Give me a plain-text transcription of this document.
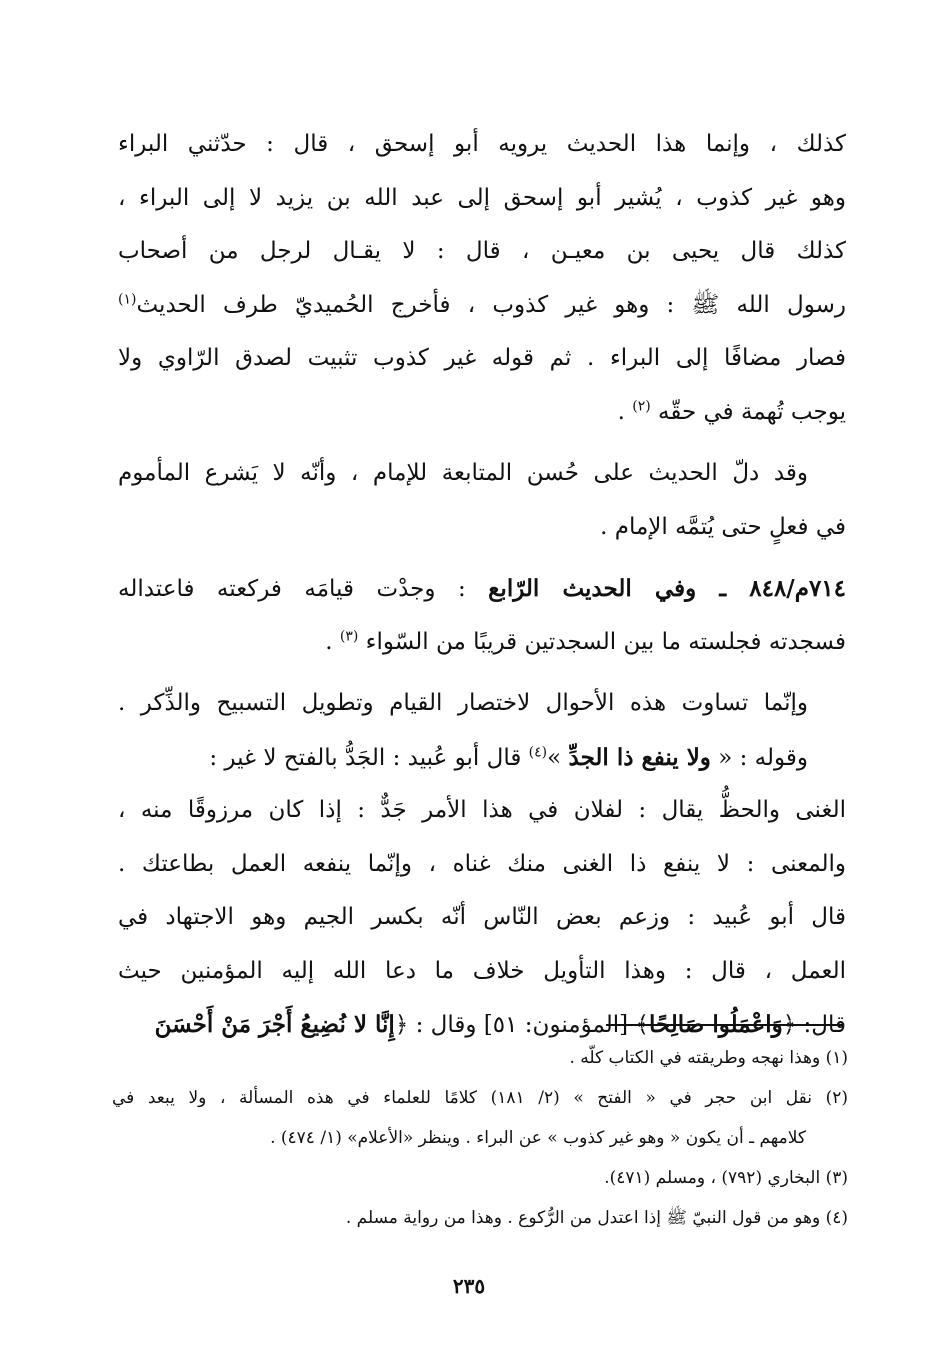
كذلك ، وإنما هذا الحديث يرويه أبو إسحق ، قال : حدّثني البراء
وهو غير كذوب ، يُشير أبو إسحق إلى عبد الله بن يزيد لا إلى البراء ،
كذلك قال يحيى بن معيـن ، قال : لا يقـال لرجل من أصحاب
رسول الله ﷺ : وهو غير كذوب ، فأخرج الحُميديّ طرف الحديث$^{(١)}$
فصار مضافًا إلى البراء . ثم قوله غير كذوب تثبيت لصدق الرّاوي ولا
يوجب تُهمة في حقّه $^{(٢)}$ .
وقد دلّ الحديث على حُسن المتابعة للإمام ، وأنّه لا يَشرع المأموم
في فعلٍ حتى يُتمَّه الإمام .
٧١٤م/٨٤٨ ـ وفي الحديث الرّابع : وجدْت قيامَه فركعته فاعتداله
فسجدته فجلسته ما بين السجدتين قريبًا من السّواء $^{(٣)}$ .
وإنّما تساوت هذه الأحوال لاختصار القيام وتطويل التسبيح والذِّكر .
وقوله : « ولا ينفع ذا الجدِّ »$^{(٤)}$ قال أبو عُبيد : الجَدُّ بالفتح لا غير :
الغنى والحظُّ يقال : لفلان في هذا الأمر جَدٌّ : إذا كان مرزوقًا منه ،
والمعنى : لا ينفع ذا الغنى منك غناه ، وإنّما ينفعه العمل بطاعتك .
قال أبو عُبيد : وزعم بعض النّاس أنّه بكسر الجيم وهو الاجتهاد في
العمل ، قال : وهذا التأويل خلاف ما دعا الله إليه المؤمنين حيث
قال: ﴿وَاعْمَلُوا صَالِحًا﴾ [المؤمنون: ٥١] وقال : ﴿إِنَّا لا نُضِيعُ أَجْرَ مَنْ أَحْسَنَ
(١) وهذا نهجه وطريقته في الكتاب كلّه .
(٢) نقل ابن حجر في « الفتح » (٢/ ١٨١) كلامًا للعلماء في هذه المسألة ، ولا يبعد في
كلامهم ـ أن يكون « وهو غير كذوب » عن البراء . وينظر «الأعلام» (١/ ٤٧٤) .
(٣) البخاري (٧٩٢) ، ومسلم (٤٧١).
(٤) وهو من قول النبيّ ﷺ إذا اعتدل من الرُّكوع . وهذا من رواية مسلم .
٢٣٥
